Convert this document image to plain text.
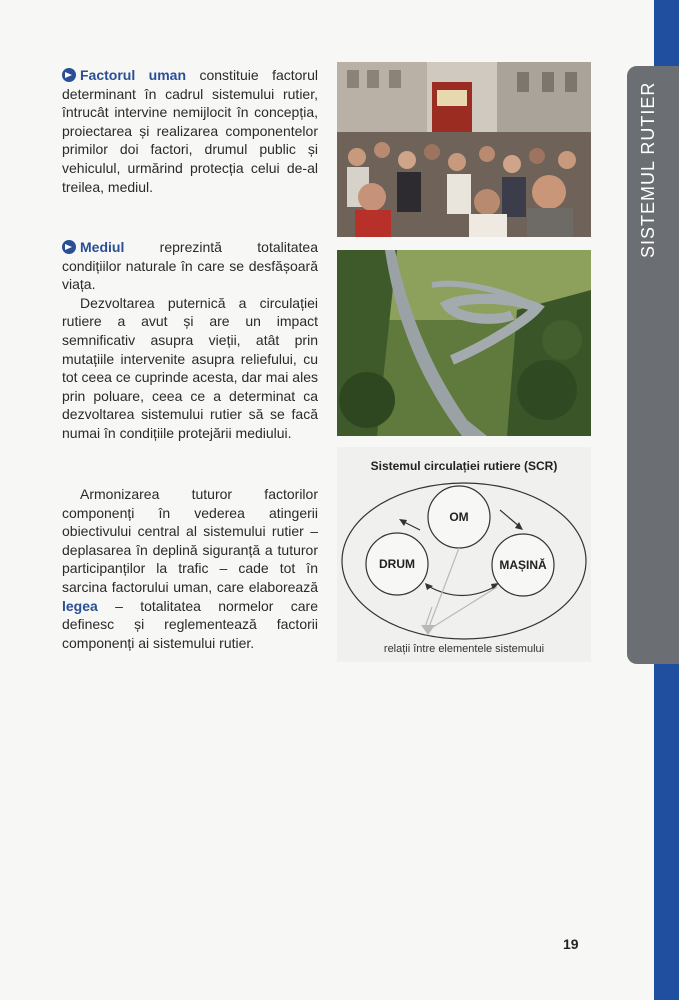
SISTEMUL RUTIER

Factorul uman constituie factorul determinant în cadrul sistemului rutier, întrucât intervine nemijlocit în concepția, proiectarea și realizarea componentelor primilor doi factori, drumul public și vehiculul, urmărind protecția celui de-al treilea, mediul.

Mediul reprezintă totalitatea condițiilor naturale în care se desfășoară viața.

Dezvoltarea puternică a circulației rutiere a avut și are un impact semnificativ asupra vieții, atât prin mutațiile intervenite asupra reliefului, cu tot ceea ce cuprinde acesta, dar mai ales prin poluare, ceea ce a determinat ca dezvoltarea sistemului rutier să se facă numai în condițiile protejării mediului.

Armonizarea tuturor factorilor componenți în vederea atingerii obiectivului central al sistemului rutier – deplasarea în deplină siguranță a tuturor participanților la trafic – cade tot în sarcina factorului uman, care elaborează legea – totalitatea normelor care definesc și reglementează factorii componenți ai sistemului rutier.

Sistemul circulației rutiere (SCR)
OM
DRUM	MAȘINĂ
relații între elementele sistemului
19
